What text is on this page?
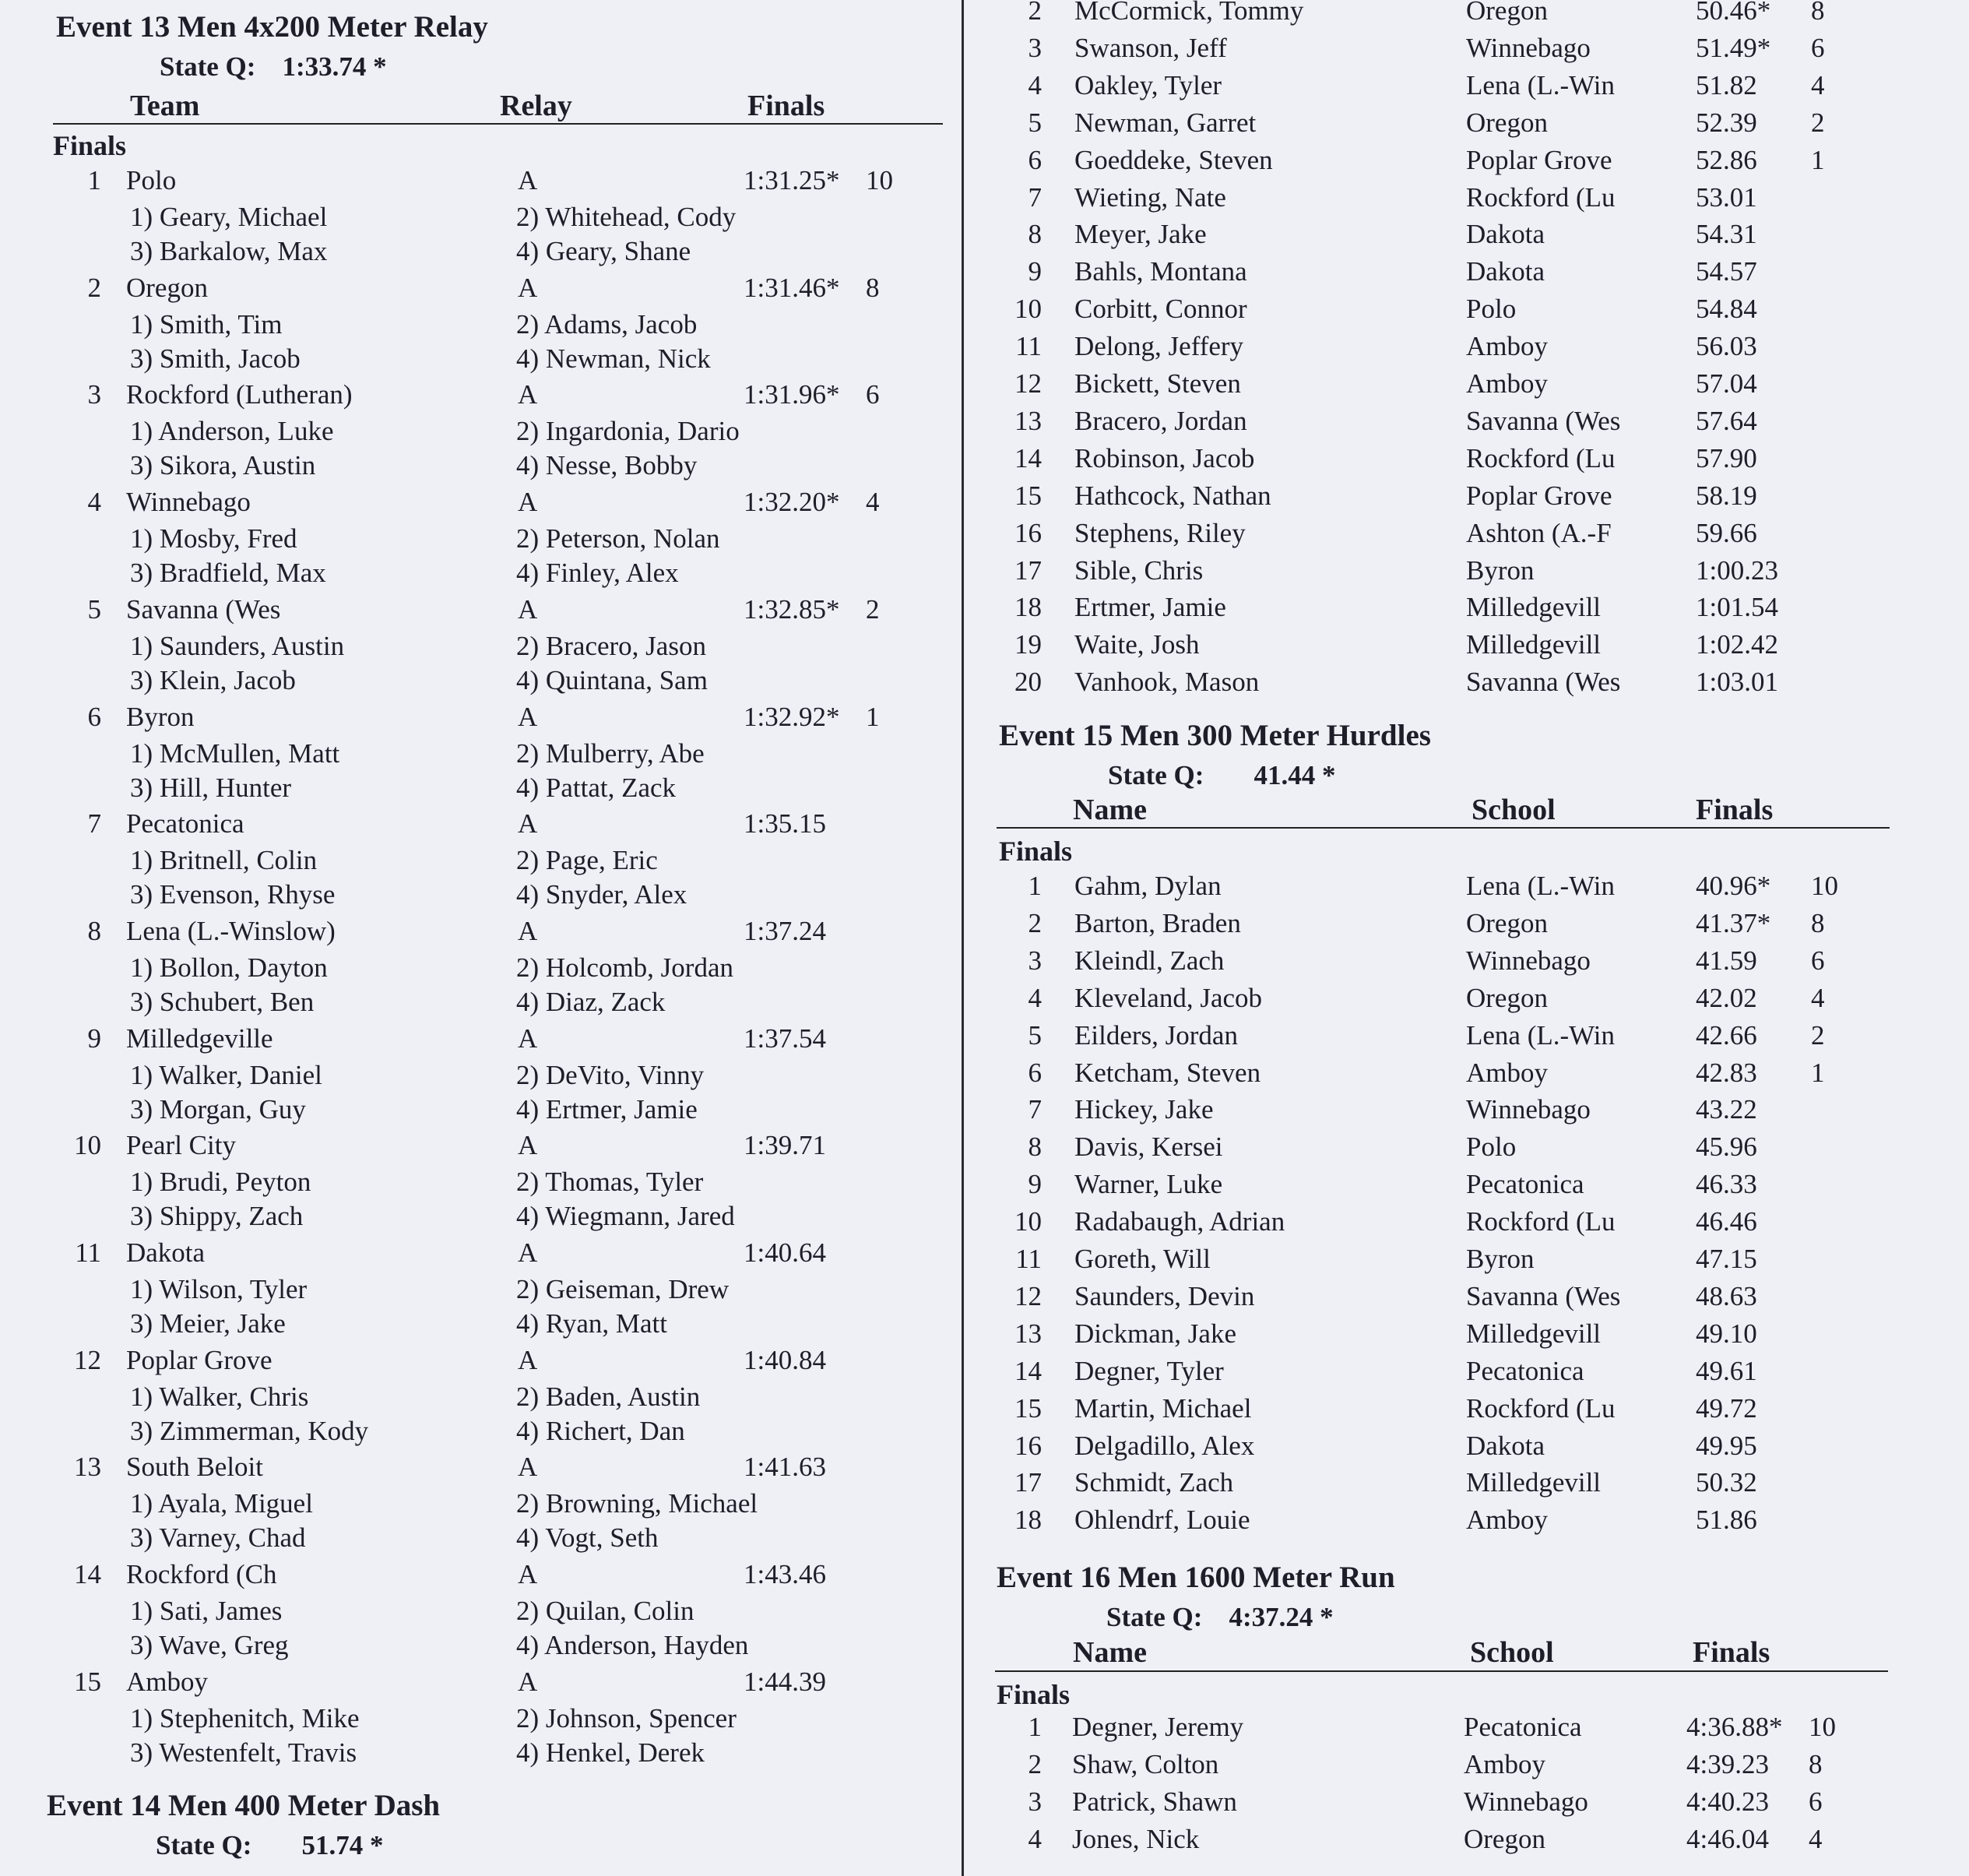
Event 13 Men 4x200 Meter Relay
State Q: 1:33.74 *
Team	Relay	Finals
Finals
1 Polo	A	1:31.25* 10
1) Geary, Michael	2) Whitehead, Cody
3) Barkalow, Max	4) Geary, Shane
2 Oregon	A	1:31.46* 8
1) Smith, Tim	2) Adams, Jacob
3) Smith, Jacob	4) Newman, Nick
3 Rockford (Lutheran)	A	1:31.96* 6
1) Anderson, Luke	2) Ingardonia, Dario
3) Sikora, Austin	4) Nesse, Bobby
4 Winnebago	A	1:32.20* 4
1) Mosby, Fred	2) Peterson, Nolan
3) Bradfield, Max	4) Finley, Alex
5 Savanna (Wes	A	1:32.85* 2
1) Saunders, Austin	2) Bracero, Jason
3) Klein, Jacob	4) Quintana, Sam
6 Byron	A	1:32.92* 1
1) McMullen, Matt	2) Mulberry, Abe
3) Hill, Hunter	4) Pattat, Zack
7 Pecatonica	A	1:35.15
1) Britnell, Colin	2) Page, Eric
3) Evenson, Rhyse	4) Snyder, Alex
8 Lena (L.-Winslow)	A	1:37.24
1) Bollon, Dayton	2) Holcomb, Jordan
3) Schubert, Ben	4) Diaz, Zack
9 Milledgeville	A	1:37.54
1) Walker, Daniel	2) DeVito, Vinny
3) Morgan, Guy	4) Ertmer, Jamie
10 Pearl City	A	1:39.71
1) Brudi, Peyton	2) Thomas, Tyler
3) Shippy, Zach	4) Wiegmann, Jared
11 Dakota	A	1:40.64
1) Wilson, Tyler	2) Geiseman, Drew
3) Meier, Jake	4) Ryan, Matt
12 Poplar Grove	A	1:40.84
1) Walker, Chris	2) Baden, Austin
3) Zimmerman, Kody	4) Richert, Dan
13 South Beloit	A	1:41.63
1) Ayala, Miguel	2) Browning, Michael
3) Varney, Chad	4) Vogt, Seth
14 Rockford (Ch	A	1:43.46
1) Sati, James	2) Quilan, Colin
3) Wave, Greg	4) Anderson, Hayden
15 Amboy	A	1:44.39
1) Stephenitch, Mike	2) Johnson, Spencer
3) Westenfelt, Travis	4) Henkel, Derek
Event 14 Men 400 Meter Dash
State Q: 51.74 *
2 McCormick, Tommy	Oregon	50.46* 8
3 Swanson, Jeff	Winnebago	51.49* 6
4 Oakley, Tyler	Lena (L.-Win	51.82 4
5 Newman, Garret	Oregon	52.39 2
6 Goeddeke, Steven	Poplar Grove	52.86 1
7 Wieting, Nate	Rockford (Lu	53.01
8 Meyer, Jake	Dakota	54.31
9 Bahls, Montana	Dakota	54.57
10 Corbitt, Connor	Polo	54.84
11 Delong, Jeffery	Amboy	56.03
12 Bickett, Steven	Amboy	57.04
13 Bracero, Jordan	Savanna (Wes	57.64
14 Robinson, Jacob	Rockford (Lu	57.90
15 Hathcock, Nathan	Poplar Grove	58.19
16 Stephens, Riley	Ashton (A.-F	59.66
17 Sible, Chris	Byron	1:00.23
18 Ertmer, Jamie	Milledgevill	1:01.54
19 Waite, Josh	Milledgevill	1:02.42
20 Vanhook, Mason	Savanna (Wes	1:03.01
Event 15 Men 300 Meter Hurdles
State Q: 41.44 *
Name	School	Finals
Finals
1 Gahm, Dylan	Lena (L.-Win	40.96* 10
2 Barton, Braden	Oregon	41.37* 8
3 Kleindl, Zach	Winnebago	41.59 6
4 Kleveland, Jacob	Oregon	42.02 4
5 Eilders, Jordan	Lena (L.-Win	42.66 2
6 Ketcham, Steven	Amboy	42.83 1
7 Hickey, Jake	Winnebago	43.22
8 Davis, Kersei	Polo	45.96
9 Warner, Luke	Pecatonica	46.33
10 Radabaugh, Adrian	Rockford (Lu	46.46
11 Goreth, Will	Byron	47.15
12 Saunders, Devin	Savanna (Wes	48.63
13 Dickman, Jake	Milledgevill	49.10
14 Degner, Tyler	Pecatonica	49.61
15 Martin, Michael	Rockford (Lu	49.72
16 Delgadillo, Alex	Dakota	49.95
17 Schmidt, Zach	Milledgevill	50.32
18 Ohlendrf, Louie	Amboy	51.86
Event 16 Men 1600 Meter Run
State Q: 4:37.24 *
Name	School	Finals
Finals
1 Degner, Jeremy	Pecatonica	4:36.88* 10
2 Shaw, Colton	Amboy	4:39.23 8
3 Patrick, Shawn	Winnebago	4:40.23 6
4 Jones, Nick	Oregon	4:46.04 4
